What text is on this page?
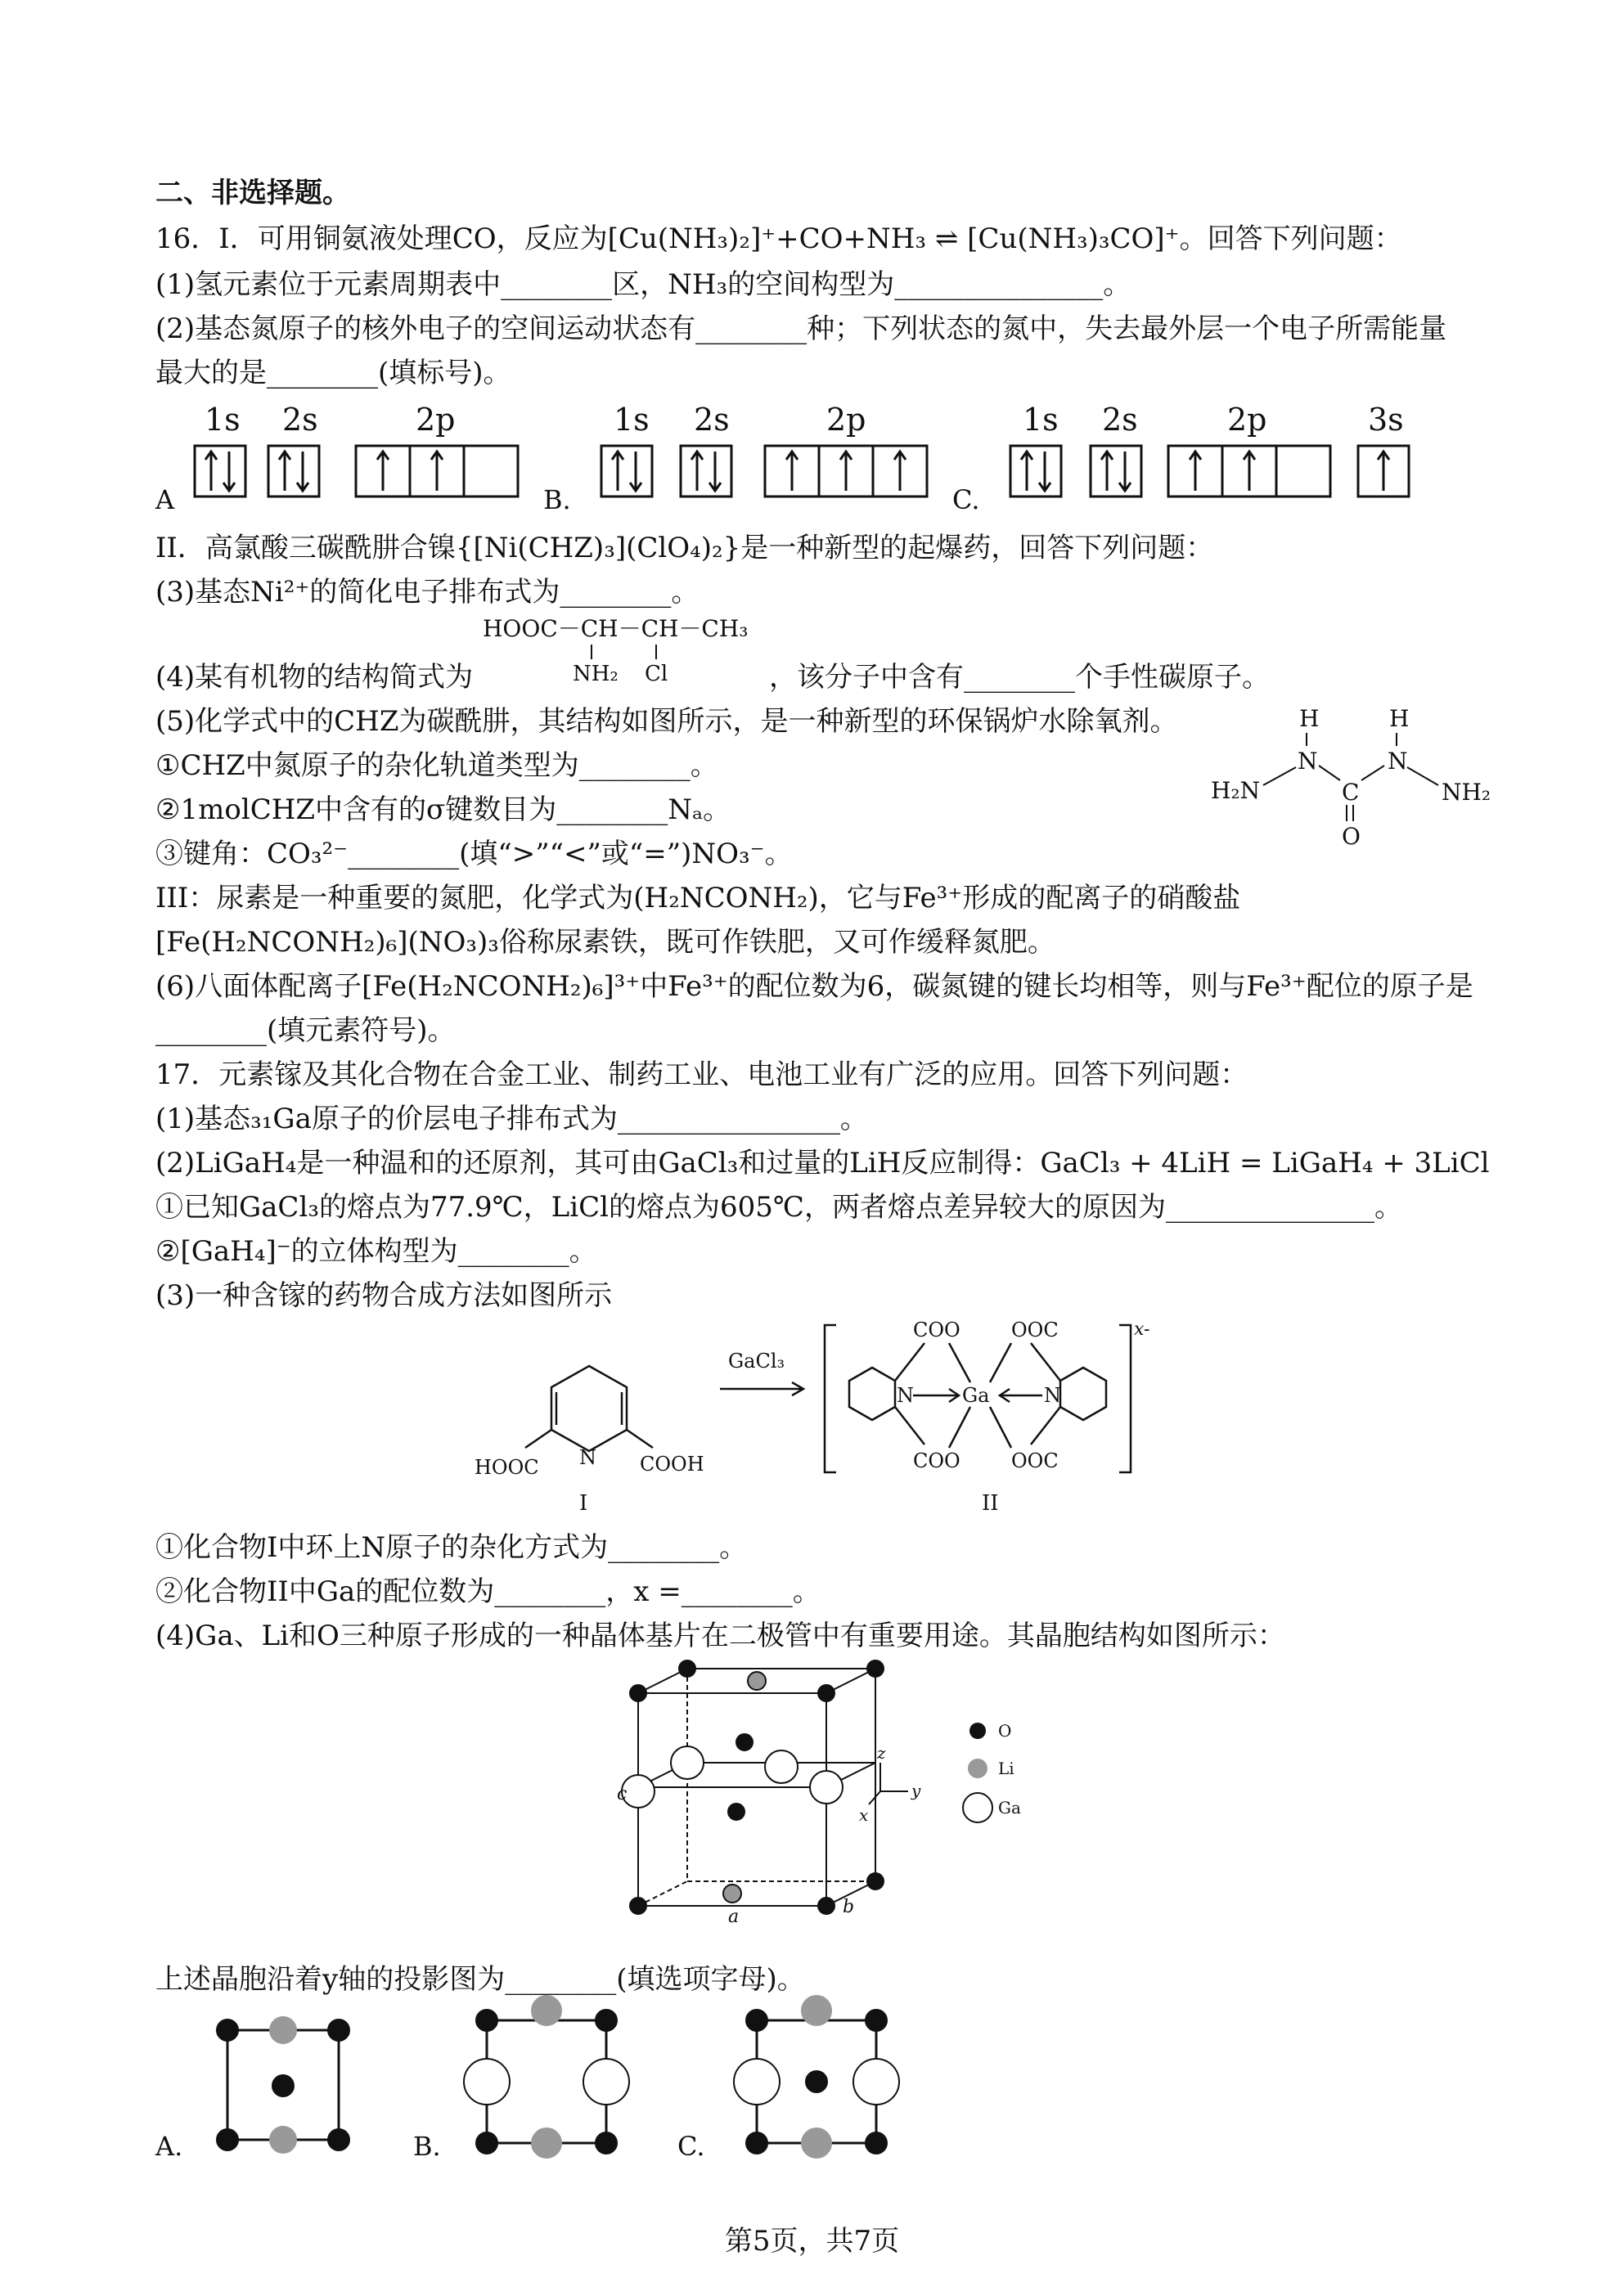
二、非选择题。
16．I．可用铜氨液处理CO，反应为[Cu(NH₃)₂]⁺+CO+NH₃ ⇌ [Cu(NH₃)₃CO]⁺。回答下列问题：
(1)氢元素位于元素周期表中________区，NH₃的空间构型为_______________。
(2)基态氮原子的核外电子的空间运动状态有________种；下列状态的氮中，失去最外层一个电子所需能量
最大的是________(填标号)。
A
1s 2s	2p
B.
1s 2s	2p
C.
1s 2s	2p	3s
II．高氯酸三碳酰肼合镍{[Ni(CHZ)₃](ClO₄)₂}是一种新型的起爆药，回答下列问题：
(3)基态Ni²⁺的简化电子排布式为________。
HOOC－CH－CH－CH₃
NH₂ Cl
(4)某有机物的结构简式为	，该分子中含有________个手性碳原子。
(5)化学式中的CHZ为碳酰肼，其结构如图所示，是一种新型的环保锅炉水除氧剂。	H	H
N	N
H₂N	C	NH₂
O
①CHZ中氮原子的杂化轨道类型为________。
②1molCHZ中含有的σ键数目为________Nₐ。
③键角：CO₃²⁻________(填“>”“<”或“=”)NO₃⁻。
III：尿素是一种重要的氮肥，化学式为(H₂NCONH₂)，它与Fe³⁺形成的配离子的硝酸盐
[Fe(H₂NCONH₂)₆](NO₃)₃俗称尿素铁，既可作铁肥，又可作缓释氮肥。
(6)八面体配离子[Fe(H₂NCONH₂)₆]³⁺中Fe³⁺的配位数为6，碳氮键的键长均相等，则与Fe³⁺配位的原子是
________(填元素符号)。
17．元素镓及其化合物在合金工业、制药工业、电池工业有广泛的应用。回答下列问题：
(1)基态₃₁Ga原子的价层电子排布式为________________。
(2)LiGaH₄是一种温和的还原剂，其可由GaCl₃和过量的LiH反应制得：GaCl₃ + 4LiH = LiGaH₄ + 3LiCl
①已知GaCl₃的熔点为77.9℃，LiCl的熔点为605℃，两者熔点差异较大的原因为_______________。
②[GaH₄]⁻的立体构型为________。
(3)一种含镓的药物合成方法如图所示
N
HOOC	COOH
I
GaCl₃
x-
N	N
Ga
COO	OOC
COO	OOC
II
①化合物I中环上N原子的杂化方式为________。
②化合物II中Ga的配位数为________，x =________。
(4)Ga、Li和O三种原子形成的一种晶体基片在二极管中有重要用途。其晶胞结构如图所示：
c
a	b
z
y
x
O
Li
Ga
上述晶胞沿着y轴的投影图为________(填选项字母)。
A.	B.	C.
第5页，共7页
